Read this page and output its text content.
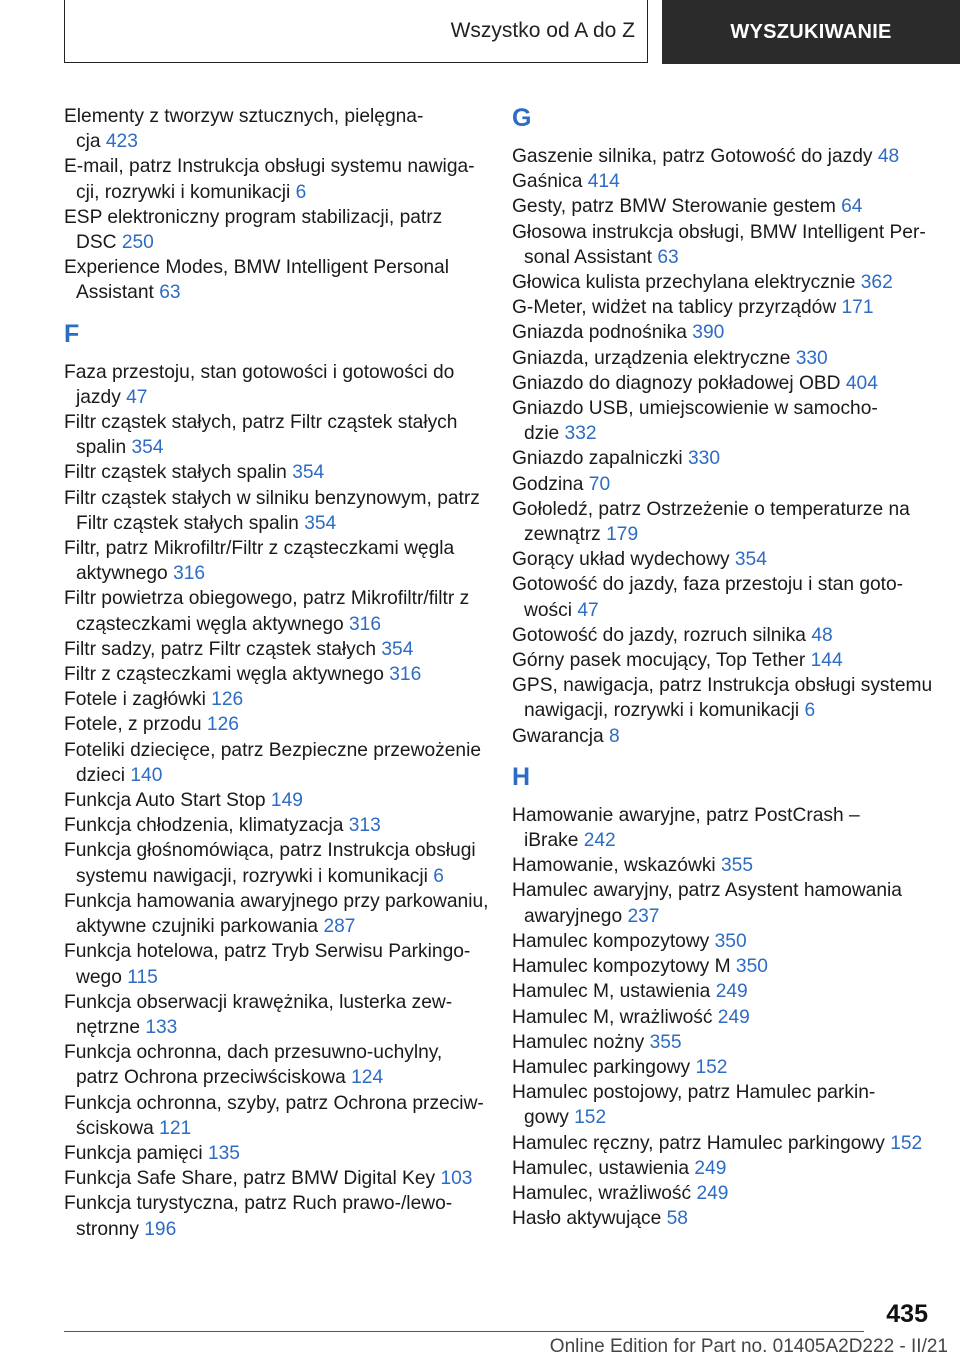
Wszystko od A do Z	WYSZUKIWANIE
Elementy z tworzyw sztucznych, pielęgna-
cja 423
E-mail, patrz Instrukcja obsługi systemu nawiga-
cji, rozrywki i komunikacji 6
ESP elektroniczny program stabilizacji, patrz
DSC 250
Experience Modes, BMW Intelligent Personal
Assistant 63
F
Faza przestoju, stan gotowości i gotowości do
jazdy 47
Filtr cząstek stałych, patrz Filtr cząstek stałych
spalin 354
Filtr cząstek stałych spalin 354
Filtr cząstek stałych w silniku benzynowym, patrz
Filtr cząstek stałych spalin 354
Filtr, patrz Mikrofiltr/Filtr z cząsteczkami węgla
aktywnego 316
Filtr powietrza obiegowego, patrz Mikrofiltr/filtr z
cząsteczkami węgla aktywnego 316
Filtr sadzy, patrz Filtr cząstek stałych 354
Filtr z cząsteczkami węgla aktywnego 316
Fotele i zagłówki 126
Fotele, z przodu 126
Foteliki dziecięce, patrz Bezpieczne przewożenie
dzieci 140
Funkcja Auto Start Stop 149
Funkcja chłodzenia, klimatyzacja 313
Funkcja głośnomówiąca, patrz Instrukcja obsługi
systemu nawigacji, rozrywki i komunikacji 6
Funkcja hamowania awaryjnego przy parkowaniu,
aktywne czujniki parkowania 287
Funkcja hotelowa, patrz Tryb Serwisu Parkingo-
wego 115
Funkcja obserwacji krawężnika, lusterka zew-
nętrzne 133
Funkcja ochronna, dach przesuwno-uchylny,
patrz Ochrona przeciwściskowa 124
Funkcja ochronna, szyby, patrz Ochrona przeciw-
ściskowa 121
Funkcja pamięci 135
Funkcja Safe Share, patrz BMW Digital Key 103
Funkcja turystyczna, patrz Ruch prawo-/lewo-
stronny 196
G
Gaszenie silnika, patrz Gotowość do jazdy 48
Gaśnica 414
Gesty, patrz BMW Sterowanie gestem 64
Głosowa instrukcja obsługi, BMW Intelligent Per-
sonal Assistant 63
Głowica kulista przechylana elektrycznie 362
G-Meter, widżet na tablicy przyrządów 171
Gniazda podnośnika 390
Gniazda, urządzenia elektryczne 330
Gniazdo do diagnozy pokładowej OBD 404
Gniazdo USB, umiejscowienie w samocho-
dzie 332
Gniazdo zapalniczki 330
Godzina 70
Gołoledź, patrz Ostrzeżenie o temperaturze na
zewnątrz 179
Gorący układ wydechowy 354
Gotowość do jazdy, faza przestoju i stan goto-
wości 47
Gotowość do jazdy, rozruch silnika 48
Górny pasek mocujący, Top Tether 144
GPS, nawigacja, patrz Instrukcja obsługi systemu
nawigacji, rozrywki i komunikacji 6
Gwarancja 8
H
Hamowanie awaryjne, patrz PostCrash –
iBrake 242
Hamowanie, wskazówki 355
Hamulec awaryjny, patrz Asystent hamowania
awaryjnego 237
Hamulec kompozytowy 350
Hamulec kompozytowy M 350
Hamulec M, ustawienia 249
Hamulec M, wrażliwość 249
Hamulec nożny 355
Hamulec parkingowy 152
Hamulec postojowy, patrz Hamulec parkin-
gowy 152
Hamulec ręczny, patrz Hamulec parkingowy 152
Hamulec, ustawienia 249
Hamulec, wrażliwość 249
Hasło aktywujące 58
435
Online Edition for Part no. 01405A2D222 - II/21
